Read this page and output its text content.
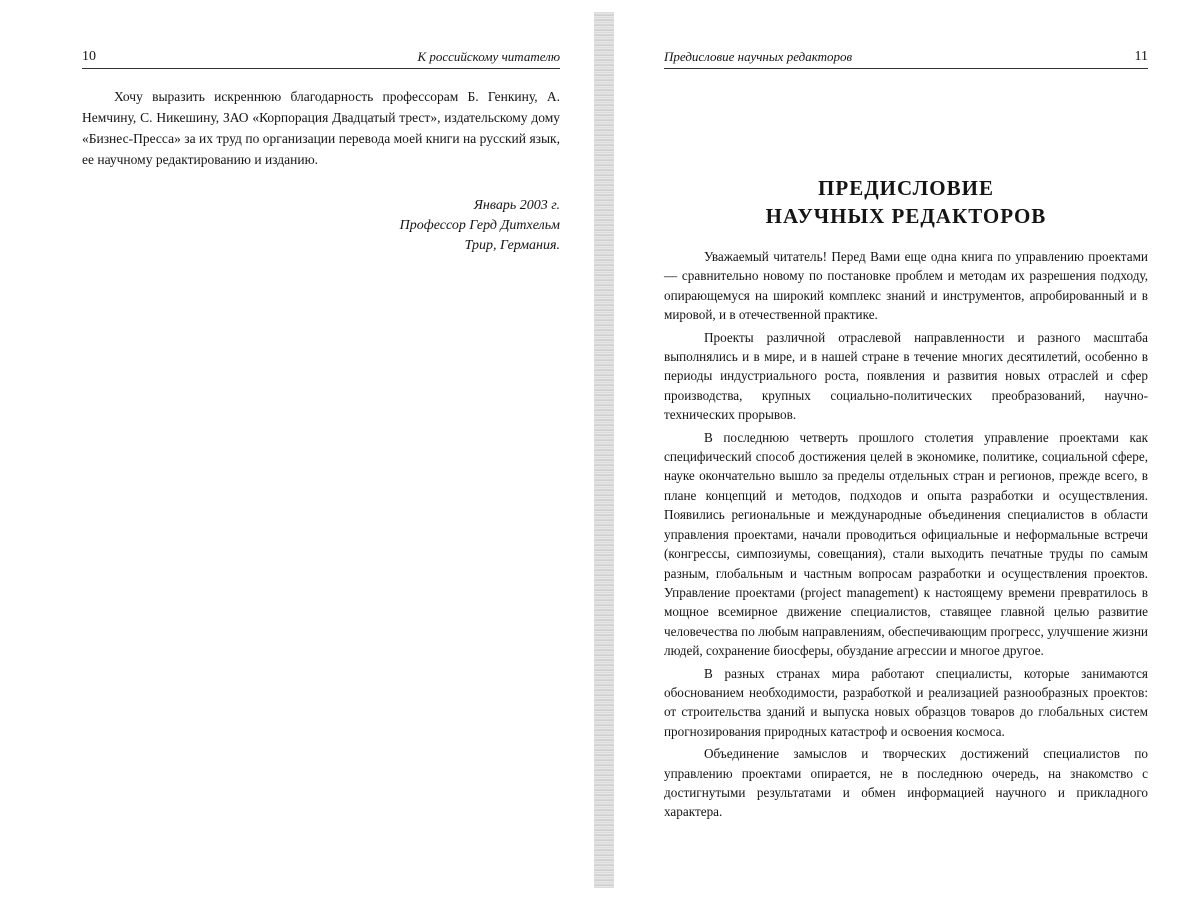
10	К российскому читателю

Хочу выразить искреннюю благодарность профессорам Б. Генкину, А. Немчину, С. Никешину, ЗАО «Корпорация Двадцатый трест», издательскому дому «Бизнес-Пресса» за их труд по организации перевода моей книги на русский язык, ее научному редактированию и изданию.

Январь 2003 г.
Профессор Герд Дитхельм
Трир, Германия.
Предисловие научных редакторов	11
ПРЕДИСЛОВИЕ
НАУЧНЫХ РЕДАКТОРОВ

Уважаемый читатель! Перед Вами еще одна книга по управлению проектами — сравнительно новому по постановке проблем и методам их разрешения подходу, опирающемуся на широкий комплекс знаний и инструментов, апробированный и в мировой, и в отечественной практике.

Проекты различной отраслевой направленности и разного масштаба выполнялись и в мире, и в нашей стране в течение многих десятилетий, особенно в периоды индустриального роста, появления и развития новых отраслей и сфер производства, крупных социально-политических преобразований, научно-технических прорывов.

В последнюю четверть прошлого столетия управление проектами как специфический способ достижения целей в экономике, политике, социальной сфере, науке окончательно вышло за пределы отдельных стран и регионов, прежде всего, в плане концепций и методов, подходов и опыта разработки и осуществления. Появились региональные и международные объединения специалистов в области управления проектами, начали проводиться официальные и неформальные встречи (конгрессы, симпозиумы, совещания), стали выходить печатные труды по самым разным, глобальным и частным вопросам разработки и осуществления проектов. Управление проектами (project management) к настоящему времени превратилось в мощное всемирное движение специалистов, ставящее главной целью развитие человечества по любым направлениям, обеспечивающим прогресс, улучшение жизни людей, сохранение биосферы, обуздание агрессии и многое другое.

В разных странах мира работают специалисты, которые занимаются обоснованием необходимости, разработкой и реализацией разнообразных проектов: от строительства зданий и выпуска новых образцов товаров до глобальных систем прогнозирования природных катастроф и освоения космоса.

Объединение замыслов и творческих достижений специалистов по управлению проектами опирается, не в последнюю очередь, на знакомство с достигнутыми результатами и обмен информацией научного и прикладного характера.
